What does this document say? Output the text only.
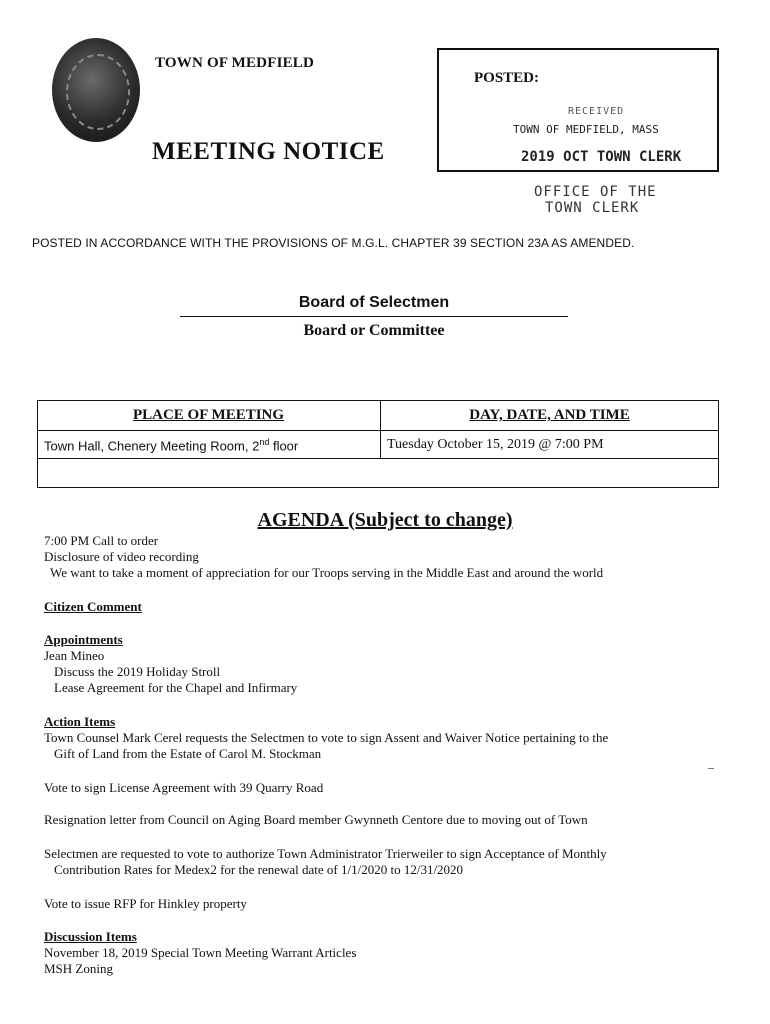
TOWN OF MEDFIELD
MEETING NOTICE
POSTED:
RECEIVED
TOWN OF MEDFIELD, MASS
2019 OCT TOWN CLERK
OFFICE OF THE
TOWN CLERK
POSTED IN ACCORDANCE WITH THE PROVISIONS OF M.G.L. CHAPTER 39 SECTION 23A AS AMENDED.
Board of Selectmen
Board or Committee
PLACE OF MEETING	DAY, DATE, AND TIME
Town Hall, Chenery Meeting Room, 2nd floor	Tuesday October 15, 2019 @ 7:00 PM
AGENDA (Subject to change)
7:00 PM Call to order
Disclosure of video recording
We want to take a moment of appreciation for our Troops serving in the Middle East and around the world
Citizen Comment
Appointments
Jean Mineo
Discuss the 2019 Holiday Stroll
Lease Agreement for the Chapel and Infirmary
Action Items
Town Counsel Mark Cerel requests the Selectmen to vote to sign Assent and Waiver Notice pertaining to the
Gift of Land from the Estate of Carol M. Stockman
Vote to sign License Agreement with 39 Quarry Road
Resignation letter from Council on Aging Board member Gwynneth Centore due to moving out of Town
Selectmen are requested to vote to authorize Town Administrator Trierweiler to sign Acceptance of Monthly
Contribution Rates for Medex2 for the renewal date of 1/1/2020 to 12/31/2020
Vote to issue RFP for Hinkley property
Discussion Items
November 18, 2019 Special Town Meeting Warrant Articles
MSH Zoning
